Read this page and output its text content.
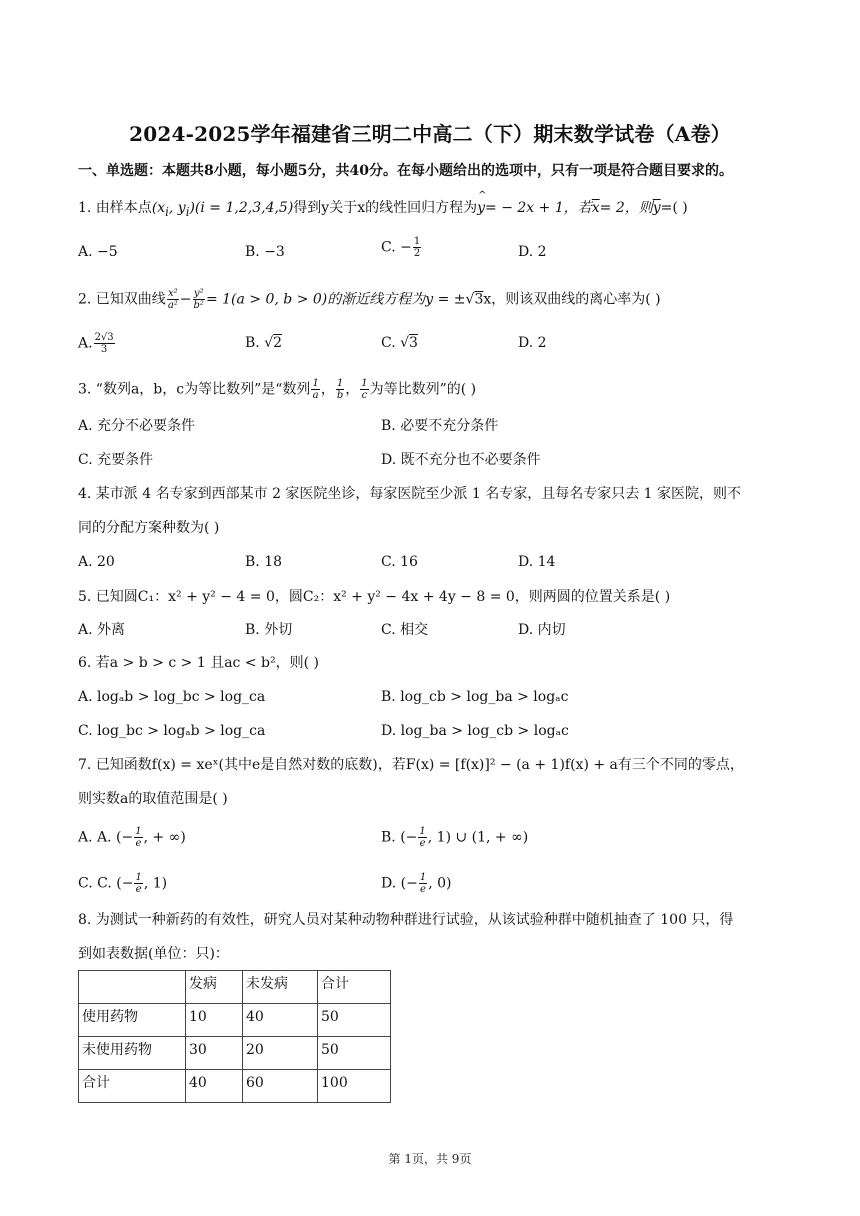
2024-2025学年福建省三明二中高二（下）期末数学试卷（A卷）
一、单选题：本题共8小题，每小题5分，共40分。在每小题给出的选项中，只有一项是符合题目要求的。
1. 由样本点($x_i$, $y_i)(i = 1,2,3,4,5)$得到y关于x的线性回归方程为^ y= − 2x + 1，若$\overline{x}= 2$，则$\overline{y}=$( )
A. −5	B. −3	C. − $\frac{1}{2}$	D. 2
2. 已知双曲线 $\frac{\text{x²}}{\text{a²}} - \frac{\text{y²}}{\text{b²}} = 1(a > 0$, b > 0)的渐近线方程为y = ±√3x，则该双曲线的离心率为( )
A. $\frac{2√3}{3}$	B. √2	C. √3	D. 2
3. “数列a，b，c为等比数列”是“数列 $\frac{1}{a}$ ， $\frac{1}{b}$ ， $\frac{1}{c}$ 为等比数列”的( )
A. 充分不必要条件	B. 必要不充分条件
C. 充要条件	D. 既不充分也不必要条件
4. 某市派 4 名专家到西部某市 2 家医院坐诊，每家医院至少派 1 名专家，且每名专家只去 1 家医院，则不
同的分配方案种数为( )
A. 20	B. 18	C. 16	D. 14
5. 已知圆C₁：x² + y² − 4 = 0，圆C₂：x² + y² − 4x + 4y − 8 = 0，则两圆的位置关系是( )
A. 外离	B. 外切	C. 相交	D. 内切
6. 若a > b > c > 1 且ac < b²，则( )
A. logₐb > log_bc > log_ca	B. log_cb > log_ba > logₐc
C. log_bc > logₐb > log_ca	D. log_ba > log_cb > logₐc
7. 已知函数f(x) = xeˣ(其中e是自然对数的底数)，若F(x) = [f(x)]² − (a + 1)f(x) + a有三个不同的零点，
则实数a的取值范围是( )
A. A. (− $\frac{1}{e}$ , + ∞)	B. (− $\frac{1}{e}$ , 1) ∪ (1, + ∞)
C. C. (− $\frac{1}{e}$ , 1)	D. (− $\frac{1}{e}$ , 0)
8. 为测试一种新药的有效性，研究人员对某种动物种群进行试验，从该试验种群中随机抽查了 100 只，得
到如表数据(单位：只)：
	发病	未发病	合计
使用药物	10	40	50
未使用药物	30	20	50
合计	40	60	100
第 1页，共 9页
